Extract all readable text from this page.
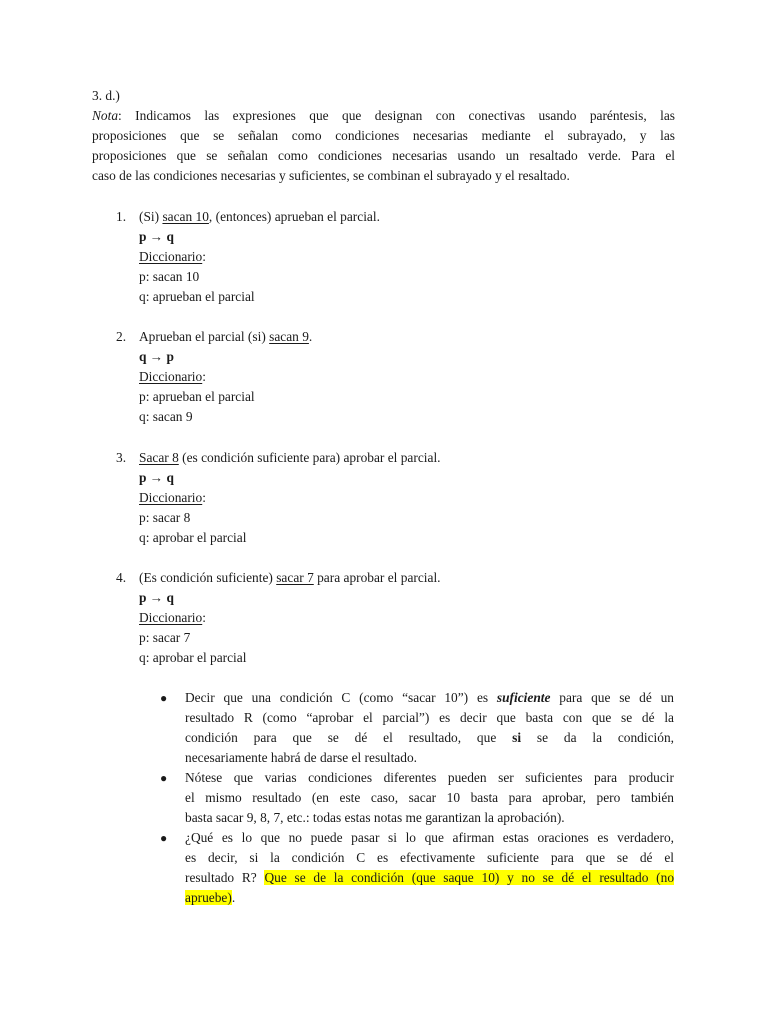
3. d.)
Nota: Indicamos las expresiones que que designan con conectivas usando paréntesis, las
proposiciones que se señalan como condiciones necesarias mediante el subrayado, y las
proposiciones que se señalan como condiciones necesarias usando un resaltado verde. Para el
caso de las condiciones necesarias y suficientes, se combinan el subrayado y el resaltado.
1. (Si) sacan 10, (entonces) aprueban el parcial.
p → q
Diccionario:
p: sacan 10
q: aprueban el parcial
2. Aprueban el parcial (si) sacan 9.
q → p
Diccionario:
p: aprueban el parcial
q: sacan 9
3. Sacar 8 (es condición suficiente para) aprobar el parcial.
p → q
Diccionario:
p: sacar 8
q: aprobar el parcial
4. (Es condición suficiente) sacar 7 para aprobar el parcial.
p → q
Diccionario:
p: sacar 7
q: aprobar el parcial
● Decir que una condición C (como “sacar 10”) es suficiente para que se dé un
resultado R (como “aprobar el parcial”) es decir que basta con que se dé la
condición para que se dé el resultado, que si se da la condición,
necesariamente habrá de darse el resultado.
● Nótese que varias condiciones diferentes pueden ser suficientes para producir
el mismo resultado (en este caso, sacar 10 basta para aprobar, pero también
basta sacar 9, 8, 7, etc.: todas estas notas me garantizan la aprobación).
● ¿Qué es lo que no puede pasar si lo que afirman estas oraciones es verdadero,
es decir, si la condición C es efectivamente suficiente para que se dé el
resultado R? Que se de la condición (que saque 10) y no se dé el resultado (no
apruebe).
